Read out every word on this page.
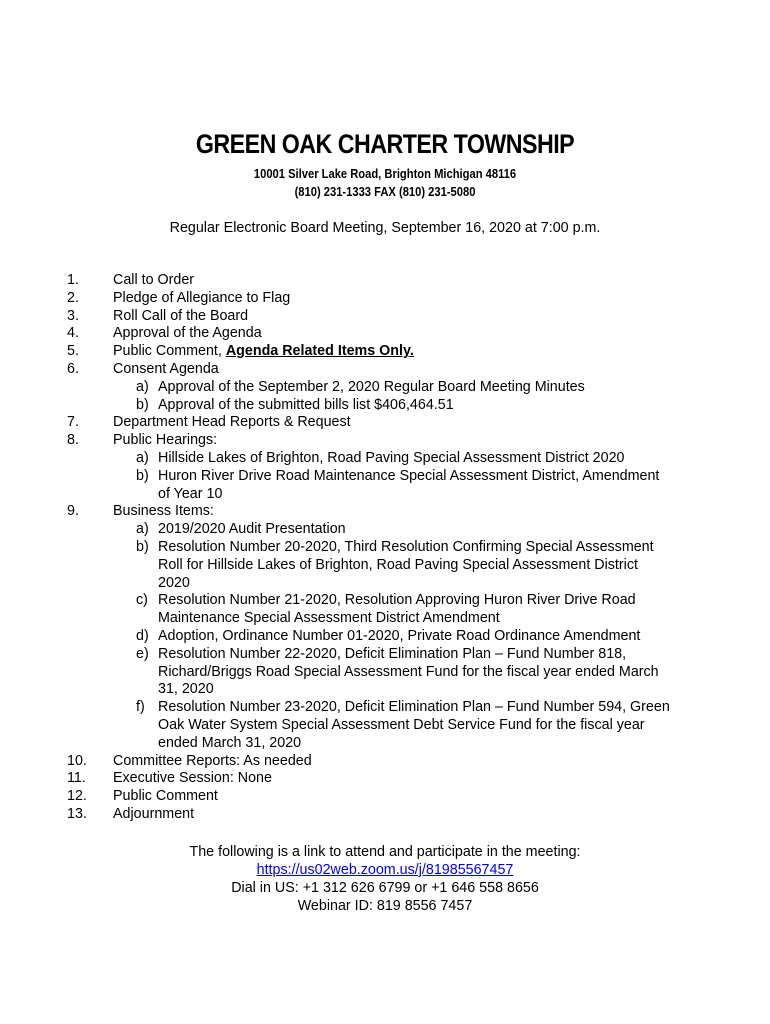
GREEN OAK CHARTER TOWNSHIP
10001 Silver Lake Road, Brighton Michigan 48116
(810) 231-1333 FAX (810) 231-5080
Regular Electronic Board Meeting, September 16, 2020 at 7:00 p.m.
1. Call to Order
2. Pledge of Allegiance to Flag
3. Roll Call of the Board
4. Approval of the Agenda
5. Public Comment, Agenda Related Items Only.
6. Consent Agenda
a) Approval of the September 2, 2020 Regular Board Meeting Minutes
b) Approval of the submitted bills list $406,464.51
7. Department Head Reports & Request
8. Public Hearings:
a) Hillside Lakes of Brighton, Road Paving Special Assessment District 2020
b) Huron River Drive Road Maintenance Special Assessment District, Amendment
of Year 10
9. Business Items:
a) 2019/2020 Audit Presentation
b) Resolution Number 20-2020, Third Resolution Confirming Special Assessment
Roll for Hillside Lakes of Brighton, Road Paving Special Assessment District
2020
c) Resolution Number 21-2020, Resolution Approving Huron River Drive Road
Maintenance Special Assessment District Amendment
d) Adoption, Ordinance Number 01-2020, Private Road Ordinance Amendment
e) Resolution Number 22-2020, Deficit Elimination Plan – Fund Number 818,
Richard/Briggs Road Special Assessment Fund for the fiscal year ended March
31, 2020
f) Resolution Number 23-2020, Deficit Elimination Plan – Fund Number 594, Green
Oak Water System Special Assessment Debt Service Fund for the fiscal year
ended March 31, 2020
10. Committee Reports: As needed
11. Executive Session: None
12. Public Comment
13. Adjournment
The following is a link to attend and participate in the meeting:
https://us02web.zoom.us/j/81985567457
Dial in US: +1 312 626 6799 or +1 646 558 8656
Webinar ID: 819 8556 7457
